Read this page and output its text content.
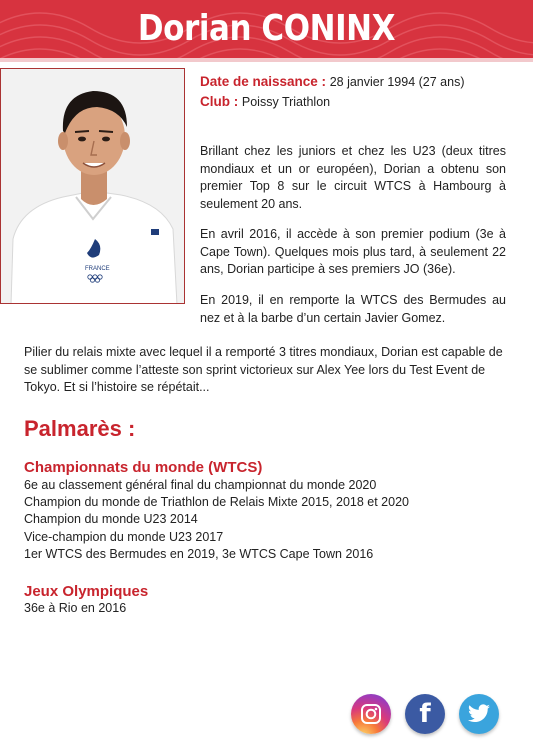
Dorian CONINX
FRANCE
Date de naissance : 28 janvier 1994 (27 ans)
Club : Poissy Triathlon

Brillant chez les juniors et chez les U23 (deux titres mondiaux et un or européen), Dorian a obtenu son premier Top 8 sur le circuit WTCS à Hambourg à seulement 20 ans.

En avril 2016, il accède à son premier podium (3e à Cape Town). Quelques mois plus tard, à seulement 22 ans, Dorian participe à ses premiers JO (36e).

En 2019, il en remporte la WTCS des Bermudes au nez et à la barbe d’un certain Javier Gomez.

Pilier du relais mixte avec lequel il a remporté 3 titres mondiaux, Dorian est capable de se sublimer comme l’atteste son sprint victorieux sur Alex Yee lors du Test Event de Tokyo. Et si l’histoire se répétait...

Palmarès :
Championnats du monde (WTCS)
6e au classement général final du championnat du monde 2020
Champion du monde de Triathlon de Relais Mixte 2015, 2018 et 2020
Champion du monde U23 2014
Vice-champion du monde U23 2017
1er WTCS des Bermudes en 2019, 3e WTCS Cape Town 2016
Jeux Olympiques
36e à Rio en 2016
f
